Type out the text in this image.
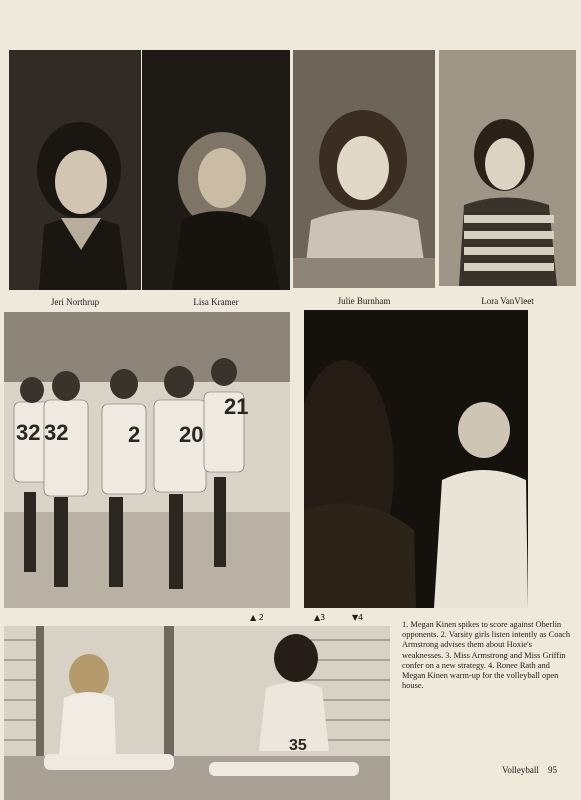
Jeri Northrup	Lisa Kramer	Julie Burnham	Lora VanVleet
32 32	2 20
21
▲ 2	▲3	▼4
35
1. Megan Kinen spikes to score against Oberlin opponents. 2. Varsity girls listen intently as Coach Armstrong advises them about Hoxie's weaknesses. 3. Miss Armstrong and Miss Griffin confer on a new strategy. 4. Ronee Rath and Megan Kinen warm-up for the volleyball open house.
Volleyball 95
